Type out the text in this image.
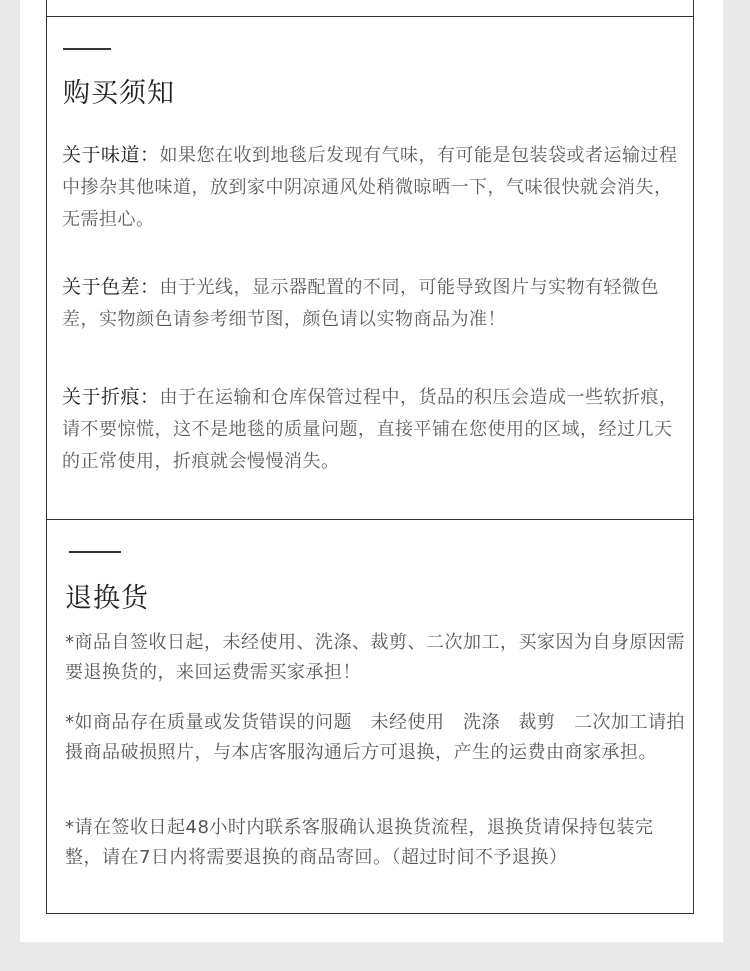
购买须知

关于味道：如果您在收到地毯后发现有气味，有可能是包装袋或者运输过程中掺杂其他味道，放到家中阴凉通风处稍微晾晒一下，气味很快就会消失，无需担心。

关于色差：由于光线，显示器配置的不同，可能导致图片与实物有轻微色差，实物颜色请参考细节图，颜色请以实物商品为准！

关于折痕：由于在运输和仓库保管过程中，货品的积压会造成一些软折痕，请不要惊慌，这不是地毯的质量问题，直接平铺在您使用的区域，经过几天的正常使用，折痕就会慢慢消失。

退换货

*商品自签收日起，未经使用、洗涤、裁剪、二次加工，买家因为自身原因需要退换货的，来回运费需买家承担！

*如商品存在质量或发货错误的问题　未经使用　洗涤　裁剪　二次加工请拍摄商品破损照片，与本店客服沟通后方可退换，产生的运费由商家承担。

*请在签收日起48小时内联系客服确认退换货流程，退换货请保持包装完整，请在7日内将需要退换的商品寄回。（超过时间不予退换）
